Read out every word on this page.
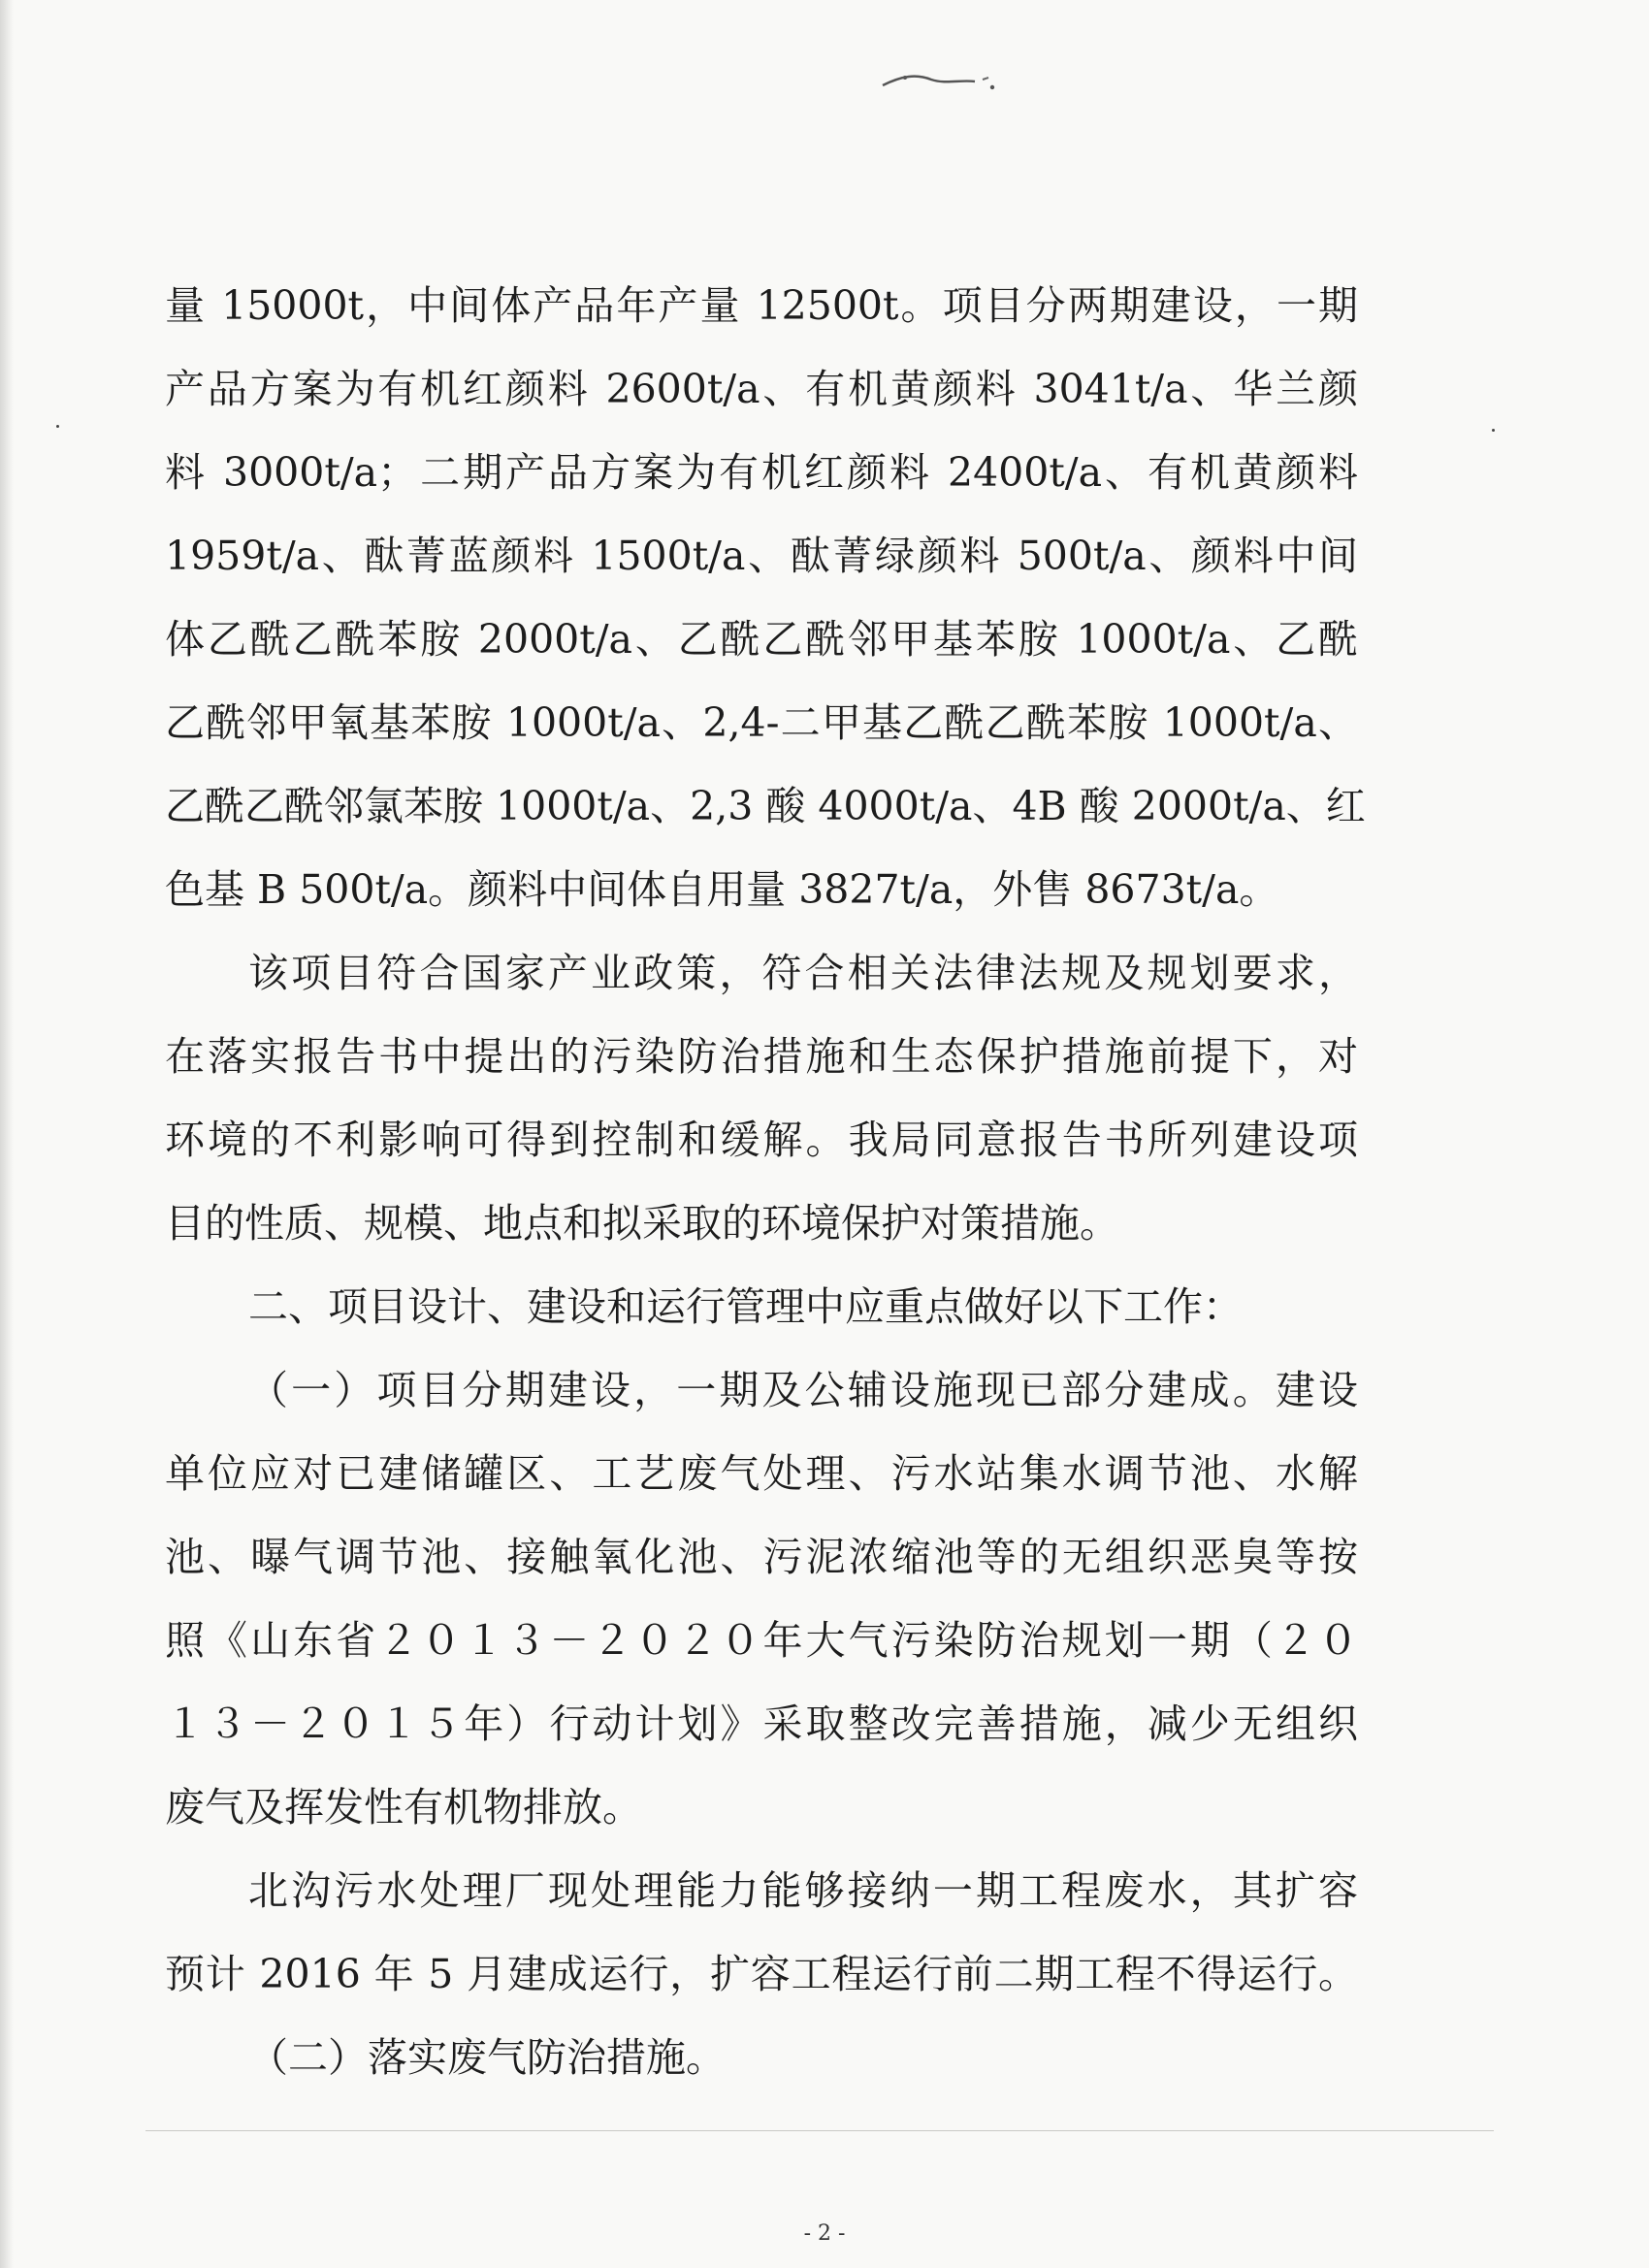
量 15000t，中间体产品年产量 12500t。项目分两期建设，一期
产品方案为有机红颜料 2600t/a、有机黄颜料 3041t/a、华兰颜
料 3000t/a；二期产品方案为有机红颜料 2400t/a、有机黄颜料
1959t/a、酞菁蓝颜料 1500t/a、酞菁绿颜料 500t/a、颜料中间
体乙酰乙酰苯胺 2000t/a、乙酰乙酰邻甲基苯胺 1000t/a、乙酰
乙酰邻甲氧基苯胺 1000t/a、2,4-二甲基乙酰乙酰苯胺 1000t/a、
乙酰乙酰邻氯苯胺 1000t/a、2,3 酸 4000t/a、4B 酸 2000t/a、红
色基 B 500t/a。颜料中间体自用量 3827t/a，外售 8673t/a。
该项目符合国家产业政策，符合相关法律法规及规划要求，
在落实报告书中提出的污染防治措施和生态保护措施前提下，对
环境的不利影响可得到控制和缓解。我局同意报告书所列建设项
目的性质、规模、地点和拟采取的环境保护对策措施。
二、项目设计、建设和运行管理中应重点做好以下工作：
（一）项目分期建设，一期及公辅设施现已部分建成。建设
单位应对已建储罐区、工艺废气处理、污水站集水调节池、水解
池、曝气调节池、接触氧化池、污泥浓缩池等的无组织恶臭等按
照《山东省２０１３－２０２０年大气污染防治规划一期（２０
１３－２０１５年）行动计划》采取整改完善措施，减少无组织
废气及挥发性有机物排放。
北沟污水处理厂现处理能力能够接纳一期工程废水，其扩容
预计 2016 年 5 月建成运行，扩容工程运行前二期工程不得运行。
（二）落实废气防治措施。
- 2 -
